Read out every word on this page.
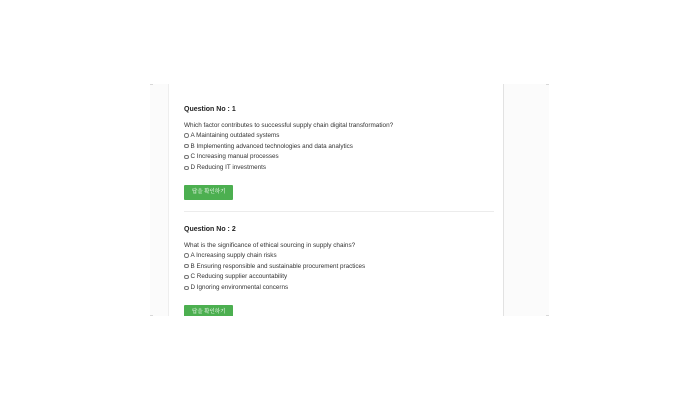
Question No : 1
Which factor contributes to successful supply chain digital transformation?
A Maintaining outdated systems
B Implementing advanced technologies and data analytics
C Increasing manual processes
D Reducing IT investments
답을 확인하기
Question No : 2
What is the significance of ethical sourcing in supply chains?
A Increasing supply chain risks
B Ensuring responsible and sustainable procurement practices
C Reducing supplier accountability
D Ignoring environmental concerns
답을 확인하기
